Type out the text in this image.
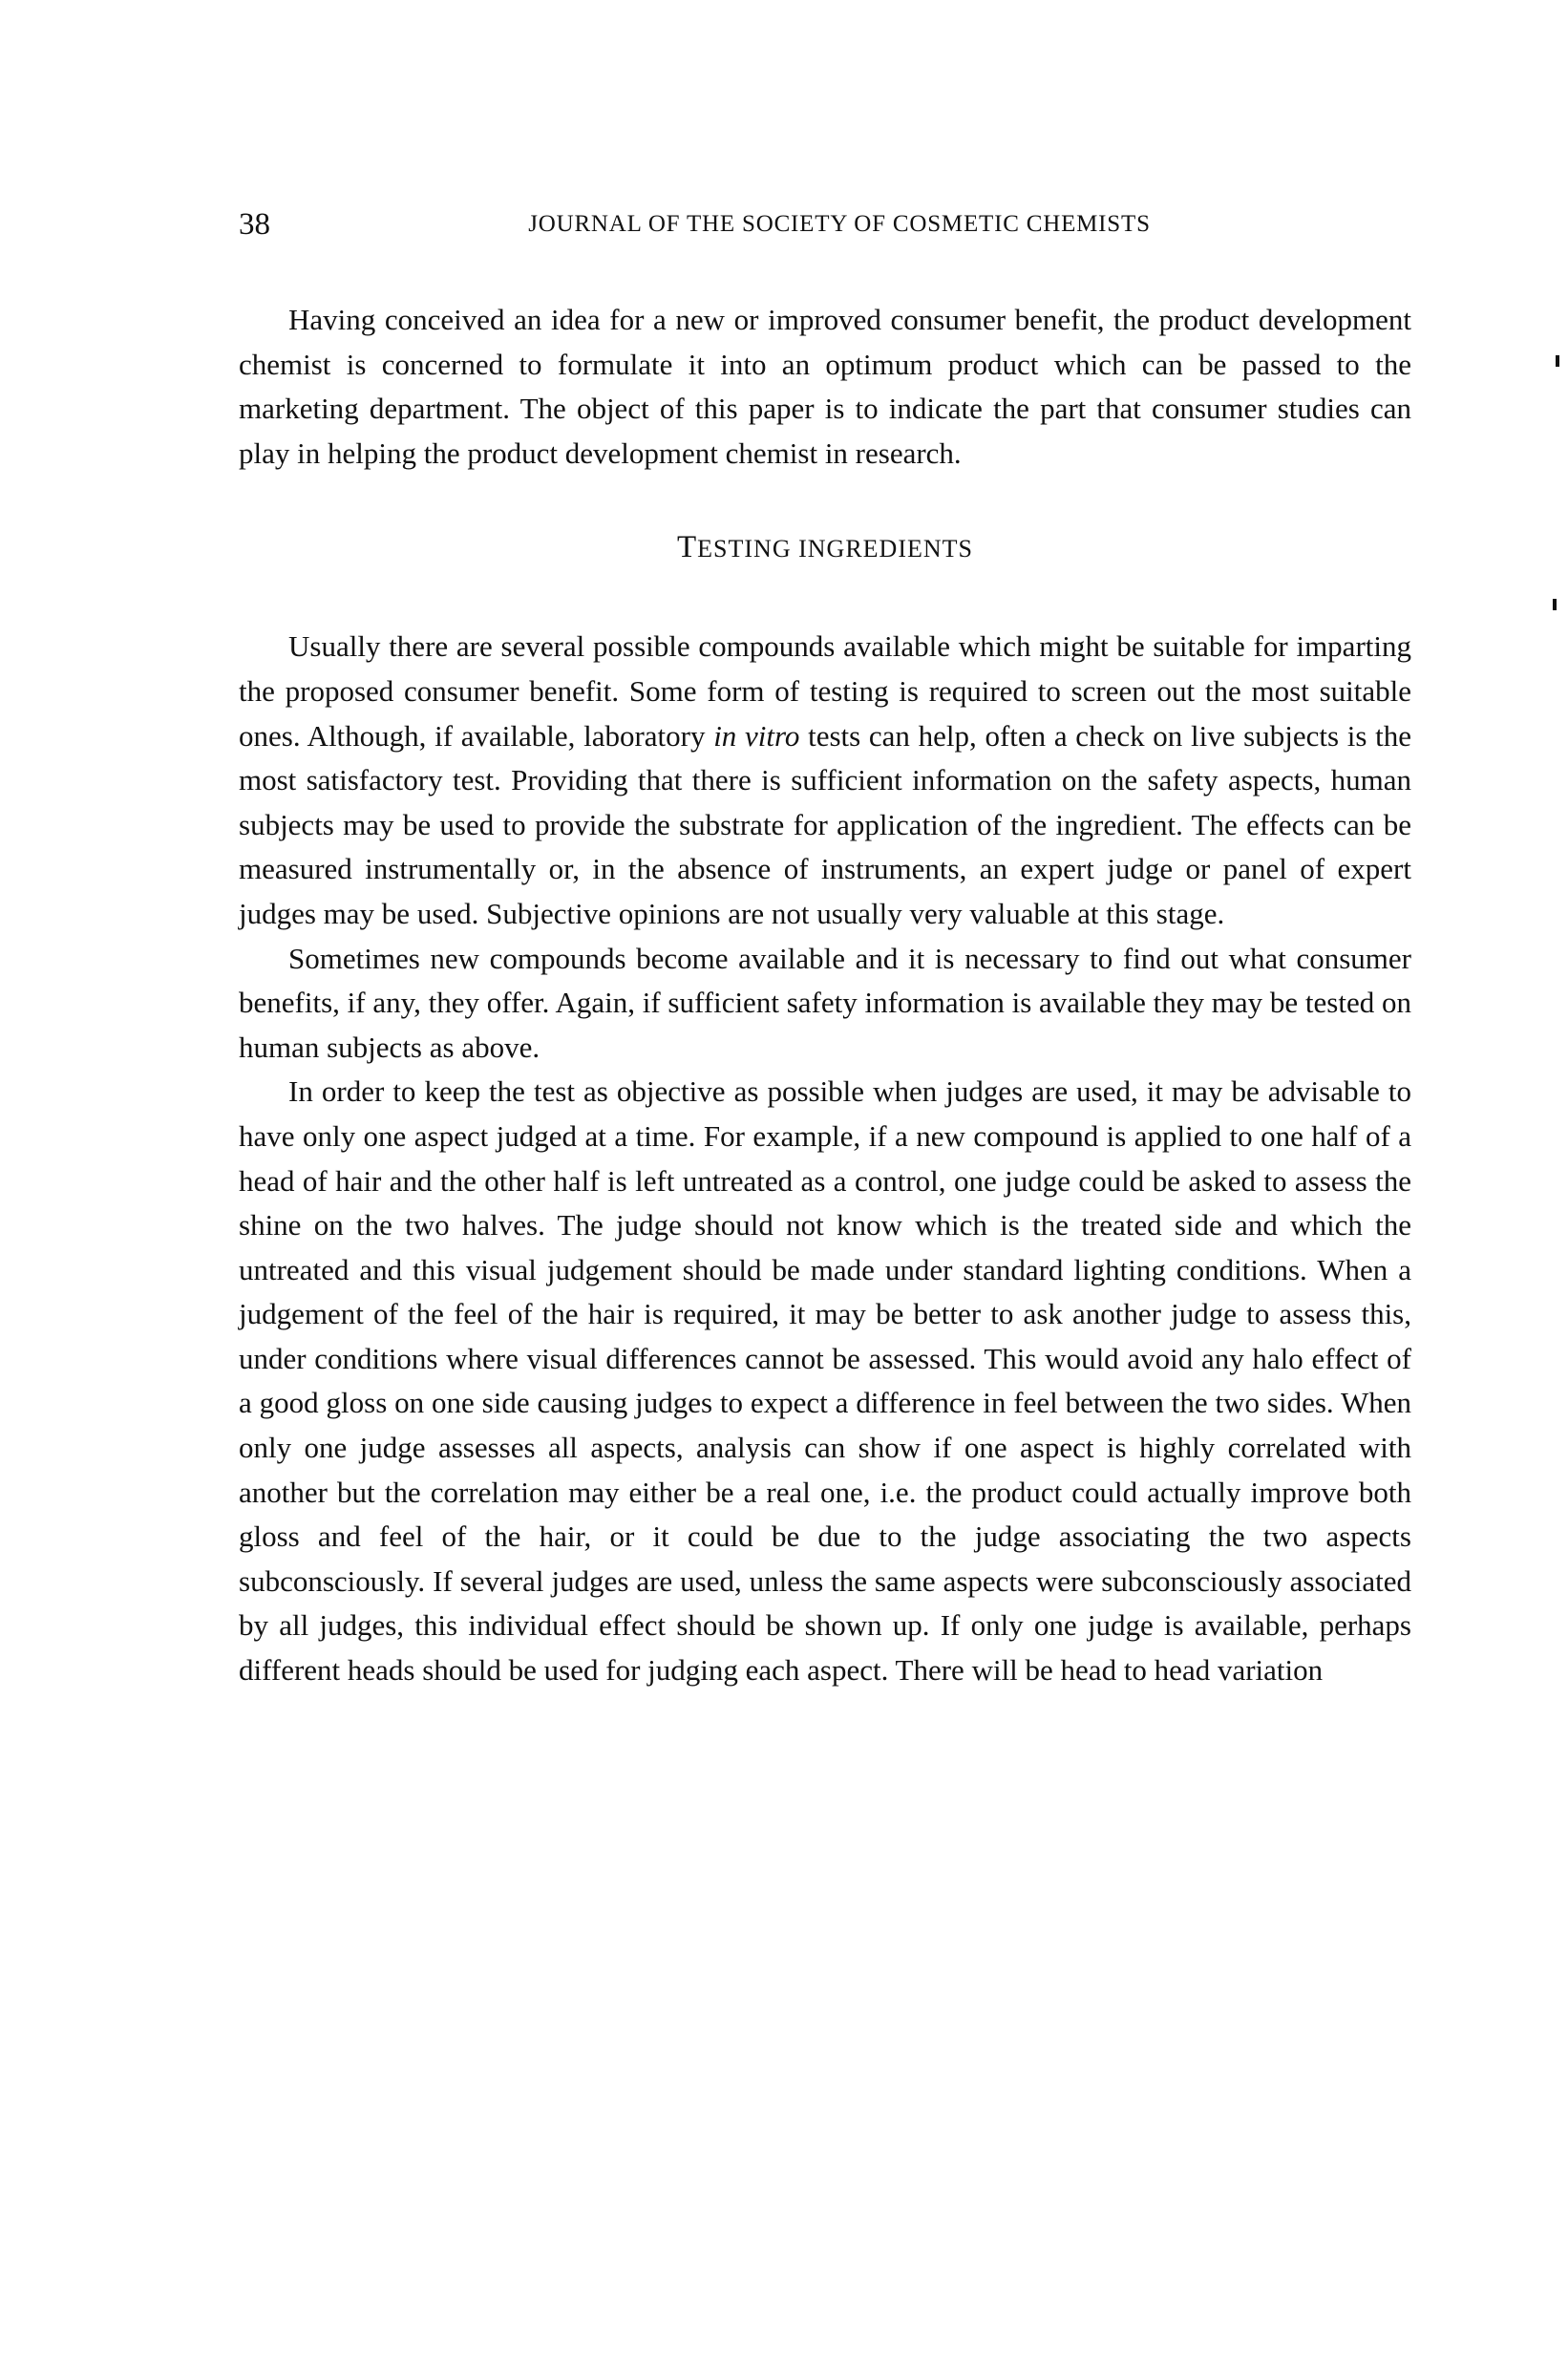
38	JOURNAL OF THE SOCIETY OF COSMETIC CHEMISTS

Having conceived an idea for a new or improved consumer benefit, the product development chemist is concerned to formulate it into an optimum product which can be passed to the marketing department. The object of this paper is to indicate the part that consumer studies can play in helping the product development chemist in research.

TESTING INGREDIENTS

Usually there are several possible compounds available which might be suitable for imparting the proposed consumer benefit. Some form of testing is required to screen out the most suitable ones. Although, if available, laboratory in vitro tests can help, often a check on live subjects is the most satisfactory test. Providing that there is sufficient information on the safety aspects, human subjects may be used to provide the substrate for application of the ingredient. The effects can be measured instrumentally or, in the absence of instruments, an expert judge or panel of expert judges may be used. Subjective opinions are not usually very valuable at this stage.

Sometimes new compounds become available and it is necessary to find out what consumer benefits, if any, they offer. Again, if sufficient safety information is available they may be tested on human subjects as above.

In order to keep the test as objective as possible when judges are used, it may be advisable to have only one aspect judged at a time. For example, if a new compound is applied to one half of a head of hair and the other half is left untreated as a control, one judge could be asked to assess the shine on the two halves. The judge should not know which is the treated side and which the untreated and this visual judgement should be made under standard lighting conditions. When a judgement of the feel of the hair is required, it may be better to ask another judge to assess this, under conditions where visual differences cannot be assessed. This would avoid any halo effect of a good gloss on one side causing judges to expect a difference in feel between the two sides. When only one judge assesses all aspects, analysis can show if one aspect is highly correlated with another but the correlation may either be a real one, i.e. the product could actually improve both gloss and feel of the hair, or it could be due to the judge associating the two aspects subconsciously. If several judges are used, unless the same aspects were subconsciously associated by all judges, this individual effect should be shown up. If only one judge is available, perhaps different heads should be used for judging each aspect. There will be head to head variation
